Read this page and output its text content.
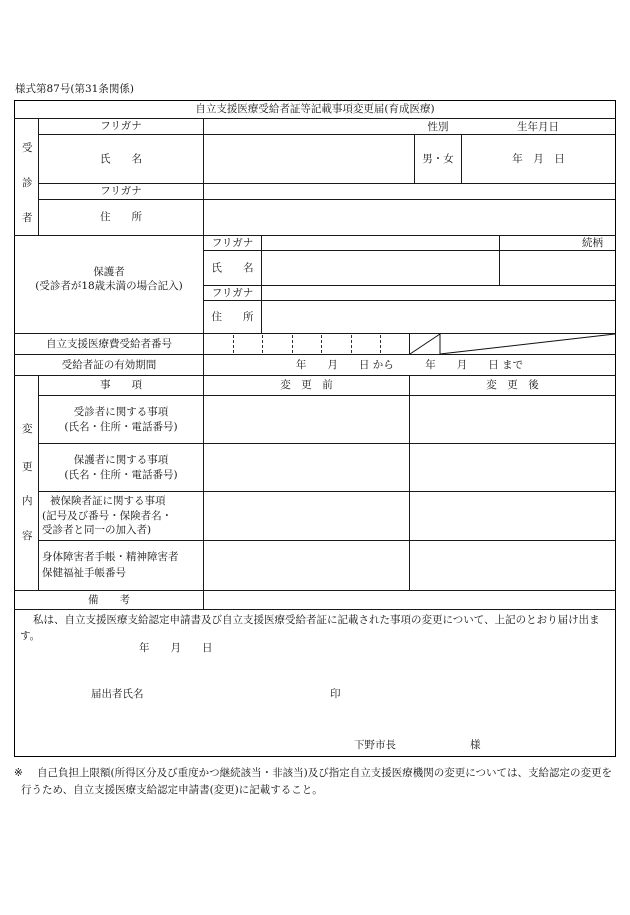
様式第87号(第31条関係)
自立支援医療受給者証等記載事項変更届(育成医療)
受
診
者
性別	生年月日
フリガナ
氏　　名	男・女	年　月　日
フリガナ
住　　所
保護者
(受診者が18歳未満の場合記入)
フリガナ	続柄
氏　　名
フリガナ
住　　所
自立支援医療費受給者番号
受給者証の有効期間	年　　月　　日 から　　　年　　月　　日 まで
変
更
内
容
事　　項	変　更　前	変　更　後
受診者に関する事項
(氏名・住所・電話番号)
保護者に関する事項
(氏名・住所・電話番号)
被保険者証に関する事項
(記号及び番号・保険者名・
受診者と同一の加入者)
身体障害者手帳・精神障害者
保健福祉手帳番号
備　　考
私は、自立支援医療支給認定申請書及び自立支援医療受給者証に記載された事項の変更について、上記のとおり届け出ます。
年　　月　　日
届出者氏名	印
下野市長	様
※	自己負担上限額(所得区分及び重度かつ継続該当・非該当)及び指定自立支援医療機関の変更については、支給認定の変更を行うため、自立支援医療支給認定申請書(変更)に記載すること。
